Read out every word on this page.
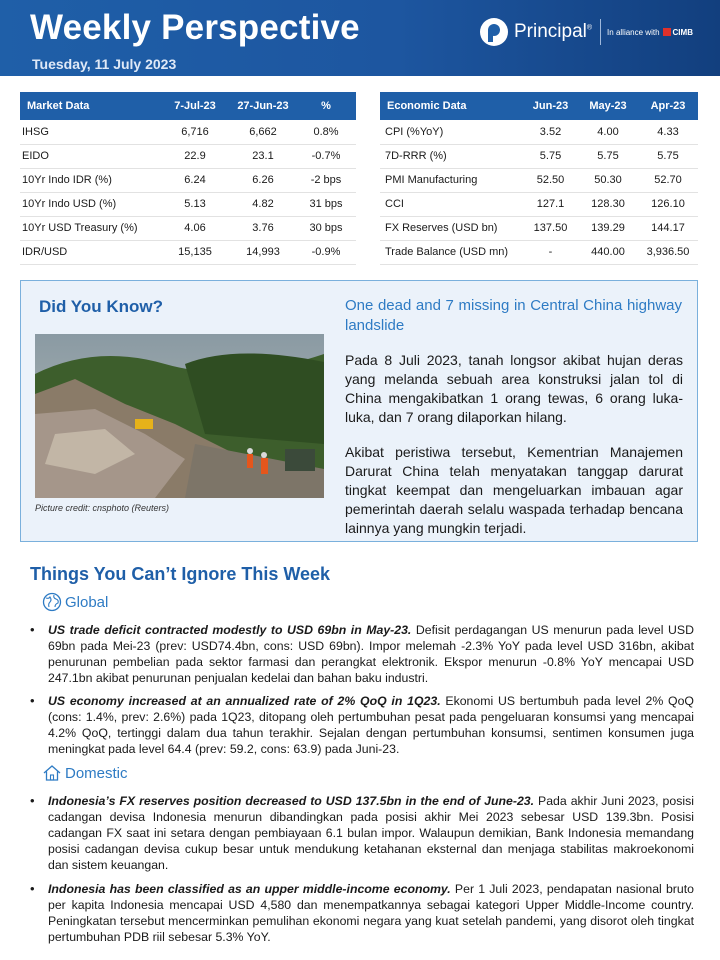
Weekly Perspective
Tuesday, 11 July 2023
Principal® In alliance with CIMB
Market Data	7-Jul-23	27-Jun-23	%
IHSG	6,716	6,662	0.8%
EIDO	22.9	23.1	-0.7%
10Yr Indo IDR (%)	6.24	6.26	-2 bps
10Yr Indo USD (%)	5.13	4.82	31 bps
10Yr USD Treasury (%)	4.06	3.76	30 bps
IDR/USD	15,135	14,993	-0.9%
Economic Data	Jun-23	May-23	Apr-23
CPI (%YoY)	3.52	4.00	4.33
7D-RRR (%)	5.75	5.75	5.75
PMI Manufacturing	52.50	50.30	52.70
CCI	127.1	128.30	126.10
FX Reserves (USD bn)	137.50	139.29	144.17
Trade Balance (USD mn)	-	440.00	3,936.50
Did You Know?
Picture credit: cnsphoto (Reuters)
One dead and 7 missing in Central China highway landslide
Pada 8 Juli 2023, tanah longsor akibat hujan deras yang melanda sebuah area konstruksi jalan tol di China mengakibatkan 1 orang tewas, 6 orang luka-luka, dan 7 orang dilaporkan hilang.
Akibat peristiwa tersebut, Kementrian Manajemen Darurat China telah menyatakan tanggap darurat tingkat keempat dan mengeluarkan imbauan agar pemerintah daerah selalu waspada terhadap bencana lainnya yang mungkin terjadi.
Things You Can’t Ignore This Week
Global
• US trade deficit contracted modestly to USD 69bn in May-23. Defisit perdagangan US menurun pada level USD 69bn pada Mei-23 (prev: USD74.4bn, cons: USD 69bn). Impor melemah -2.3% YoY pada level USD 316bn, akibat penurunan pembelian pada sektor farmasi dan perangkat elektronik. Ekspor menurun -0.8% YoY mencapai USD 247.1bn akibat penurunan penjualan kedelai dan bahan baku industri.
• US economy increased at an annualized rate of 2% QoQ in 1Q23. Ekonomi US bertumbuh pada level 2% QoQ (cons: 1.4%, prev: 2.6%) pada 1Q23, ditopang oleh pertumbuhan pesat pada pengeluaran konsumsi yang mencapai 4.2% QoQ, tertinggi dalam dua tahun terakhir. Sejalan dengan pertumbuhan konsumsi, sentimen konsumen juga meningkat pada level 64.4 (prev: 59.2, cons: 63.9) pada Juni-23.
Domestic
• Indonesia’s FX reserves position decreased to USD 137.5bn in the end of June-23. Pada akhir Juni 2023, posisi cadangan devisa Indonesia menurun dibandingkan pada posisi akhir Mei 2023 sebesar USD 139.3bn. Posisi cadangan FX saat ini setara dengan pembiayaan 6.1 bulan impor. Walaupun demikian, Bank Indonesia memandang posisi cadangan devisa cukup besar untuk mendukung ketahanan eksternal dan menjaga stabilitas makroekonomi dan sistem keuangan.
• Indonesia has been classified as an upper middle-income economy. Per 1 Juli 2023, pendapatan nasional bruto per kapita Indonesia mencapai USD 4,580 dan menempatkannya sebagai kategori Upper Middle-Income country. Peningkatan tersebut mencerminkan pemulihan ekonomi negara yang kuat setelah pandemi, yang disorot oleh tingkat pertumbuhan PDB riil sebesar 5.3% YoY.
